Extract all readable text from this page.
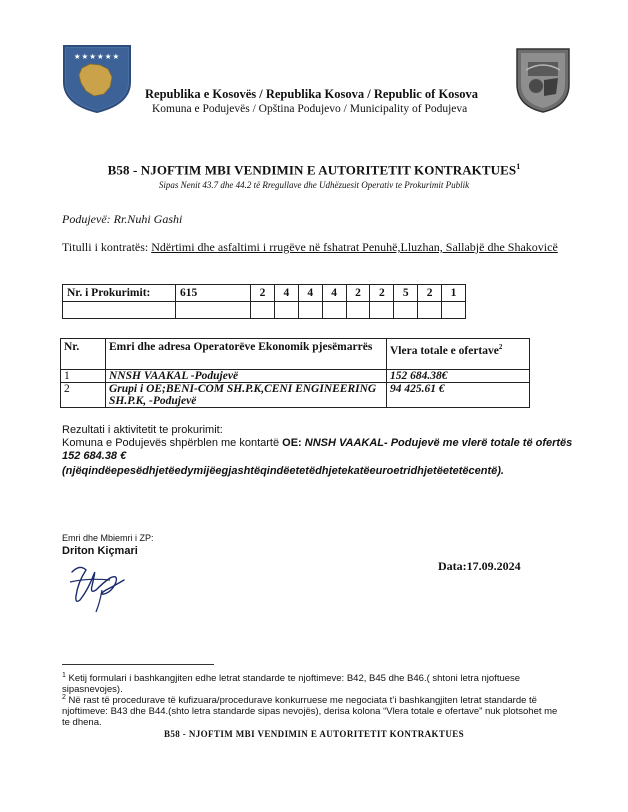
★★★★★★
Republika e Kosovës / Republika Kosova / Republic of Kosova
Komuna e Podujevës / Opština Podujevo / Municipality of Podujeva
B58 - NJOFTIM MBI VENDIMIN E AUTORITETIT KONTRAKTUES$^1$
Sipas Nenit 43.7 dhe 44.2 të Rregullave dhe Udhëzuesit Operativ te Prokurimit Publik
Podujevë: Rr.Nuhi Gashi
Titulli i kontratës: Ndërtimi dhe asfaltimi i rrugëve në fshatrat Penuhë,Lluzhan, Sallabjë dhe Shakovicë
Nr. i Prokurimit:	615	2	4	4	4	2	2	5	2	1

Nr.	Emri dhe adresa Operatorëve Ekonomik pjesëmarrës	Vlera totale e ofertave$^2$
1	NNSH VAAKAL -Podujevë	152 684.38€
2	Grupi i OE;BENI-COM SH.P.K,CENI ENGINEERING SH.P.K, -Podujevë	94 425.61 €
Rezultati i aktivitetit te prokurimit:
Komuna e Podujevës shpërblen me kontartë OE: NNSH VAAKAL- Podujevë me vlerë totale të ofertës 152 684.38 €
(njëqindëepesëdhjetëedymijëegjashtëqindëetetëdhjetekatëeuroetridhjetëetetëcentë).
Emri dhe Mbiemri i ZP:
Driton Kiçmari
Data:17.09.2024
$^1$ Ketij formulari i bashkangjiten edhe letrat standarde te njoftimeve: B42, B45 dhe B46.( shtoni letra njoftuese sipasnevojes).
$^2$ Në rast të procedurave të kufizuara/procedurave konkurruese me negociata t’i bashkangjiten letrat standarde të njoftimeve: B43 dhe B44.(shto letra standarde sipas nevojës), derisa kolona “Vlera totale e ofertave” nuk plotsohet me te dhena.
B58 - NJOFTIM MBI VENDIMIN E AUTORITETIT KONTRAKTUES
